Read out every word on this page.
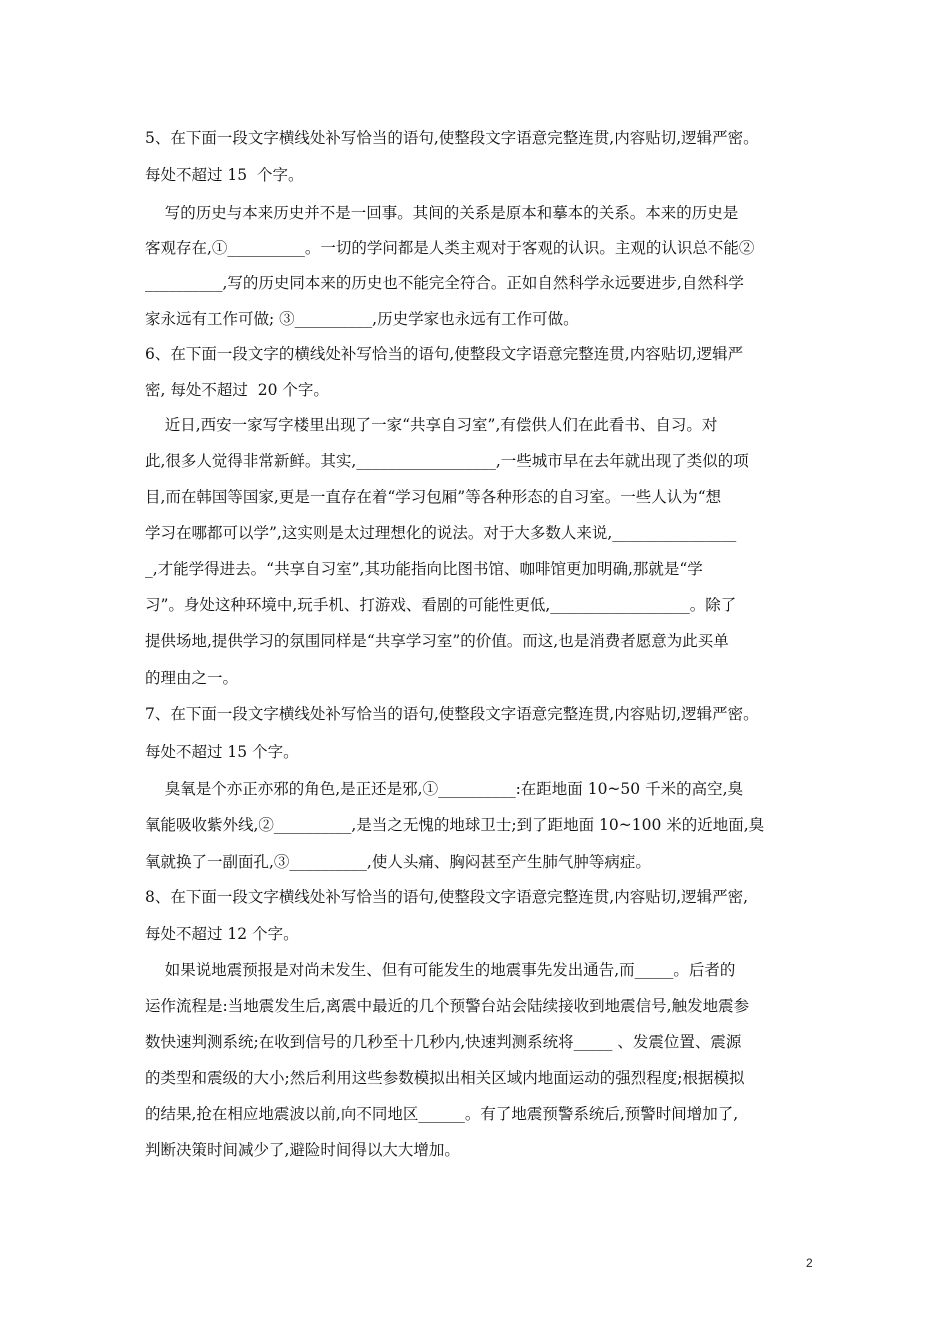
5、在下面一段文字横线处补写恰当的语句,使整段文字语意完整连贯,内容贴切,逻辑严密。
每处不超过 15  个字。
写的历史与本来历史并不是一回事。其间的关系是原本和摹本的关系。本来的历史是
客观存在,①__________。一切的学问都是人类主观对于客观的认识。主观的认识总不能②
__________,写的历史同本来的历史也不能完全符合。正如自然科学永远要进步,自然科学
家永远有工作可做; ③__________,历史学家也永远有工作可做。
6、在下面一段文字的横线处补写恰当的语句,使整段文字语意完整连贯,内容贴切,逻辑严
密, 每处不超过  20 个字。
近日,西安一家写字楼里出现了一家“共享自习室”,有偿供人们在此看书、自习。对
此,很多人觉得非常新鲜。其实,__________________,一些城市早在去年就出现了类似的项
目,而在韩国等国家,更是一直存在着“学习包厢”等各种形态的自习室。一些人认为“想
学习在哪都可以学”,这实则是太过理想化的说法。对于大多数人来说,________________
_,才能学得进去。“共享自习室”,其功能指向比图书馆、咖啡馆更加明确,那就是“学
习”。身处这种环境中,玩手机、打游戏、看剧的可能性更低,__________________。除了
提供场地,提供学习的氛围同样是“共享学习室”的价值。而这,也是消费者愿意为此买单
的理由之一。
7、在下面一段文字横线处补写恰当的语句,使整段文字语意完整连贯,内容贴切,逻辑严密。
每处不超过 15 个字。
臭氧是个亦正亦邪的角色,是正还是邪,①__________:在距地面 10~50 千米的高空,臭
氧能吸收紫外线,②__________,是当之无愧的地球卫士;到了距地面 10~100 米的近地面,臭
氧就换了一副面孔,③__________,使人头痛、胸闷甚至产生肺气肿等病症。
8、在下面一段文字横线处补写恰当的语句,使整段文字语意完整连贯,内容贴切,逻辑严密,
每处不超过 12 个字。
如果说地震预报是对尚未发生、但有可能发生的地震事先发出通告,而_____。后者的
运作流程是:当地震发生后,离震中最近的几个预警台站会陆续接收到地震信号,触发地震参
数快速判测系统;在收到信号的几秒至十几秒内,快速判测系统将_____ 、发震位置、震源
的类型和震级的大小;然后利用这些参数模拟出相关区域内地面运动的强烈程度;根据模拟
的结果,抢在相应地震波以前,向不同地区______。有了地震预警系统后,预警时间增加了,
判断决策时间减少了,避险时间得以大大增加。
2
